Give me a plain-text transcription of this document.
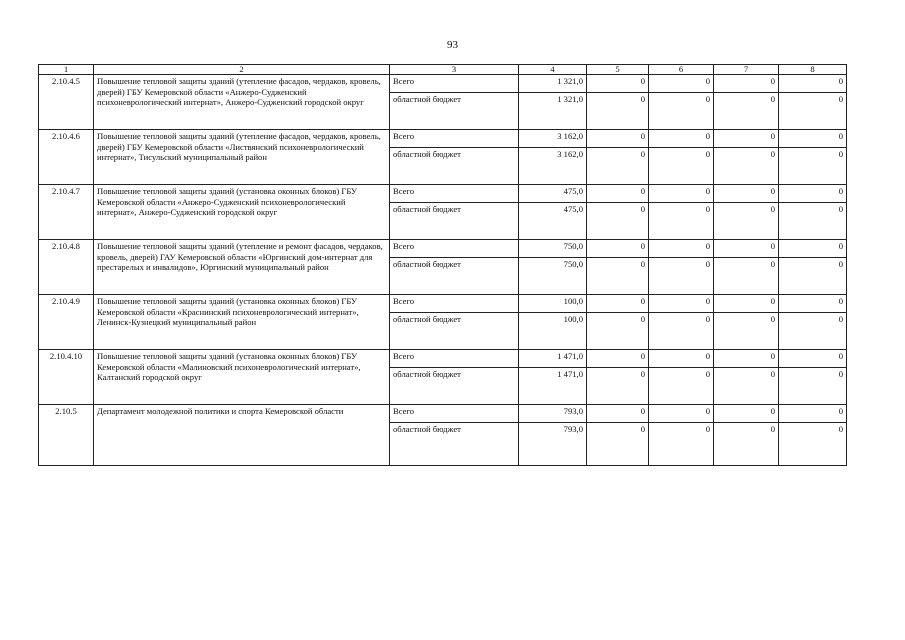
93
1	2	3	4	5	6	7	8
2.10.4.5	Повышение тепловой защиты зданий (утепление фасадов, чердаков, кровель, дверей) ГБУ Кемеровской области «Анжеро-Судженский психоневрологический интернат», Анжеро-Судженский городской округ	Всего	1 321,0	0	0	0	0
		областной бюджет	1 321,0	0	0	0	0
2.10.4.6	Повышение тепловой защиты зданий (утепление фасадов, чердаков, кровель, дверей) ГБУ Кемеровской области «Листвянский психоневрологический интернат», Тисульский муниципальный район	Всего	3 162,0	0	0	0	0
		областной бюджет	3 162,0	0	0	0	0
2.10.4.7	Повышение тепловой защиты зданий (установка оконных блоков) ГБУ Кемеровской области «Анжеро-Судженский психоневрологический интернат», Анжеро-Судженский городской округ	Всего	475,0	0	0	0	0
		областной бюджет	475,0	0	0	0	0
2.10.4.8	Повышение тепловой защиты зданий (утепление и ремонт фасадов, чердаков, кровель, дверей) ГАУ Кемеровской области «Юргинский дом-интернат для престарелых и инвалидов», Юргинский муниципальный район	Всего	750,0	0	0	0	0
		областной бюджет	750,0	0	0	0	0
2.10.4.9	Повышение тепловой защиты зданий (установка оконных блоков) ГБУ Кемеровской области «Краснинский психоневрологический интернат», Ленинск-Кузнецкий муниципальный район	Всего	100,0	0	0	0	0
		областной бюджет	100,0	0	0	0	0
2.10.4.10	Повышение тепловой защиты зданий (установка оконных блоков) ГБУ Кемеровской области «Малиновский психоневрологический интернат», Калтанский городской округ	Всего	1 471,0	0	0	0	0
		областной бюджет	1 471,0	0	0	0	0
2.10.5	Департамент молодежной политики и спорта Кемеровской области	Всего	793,0	0	0	0	0
		областной бюджет	793,0	0	0	0	0
